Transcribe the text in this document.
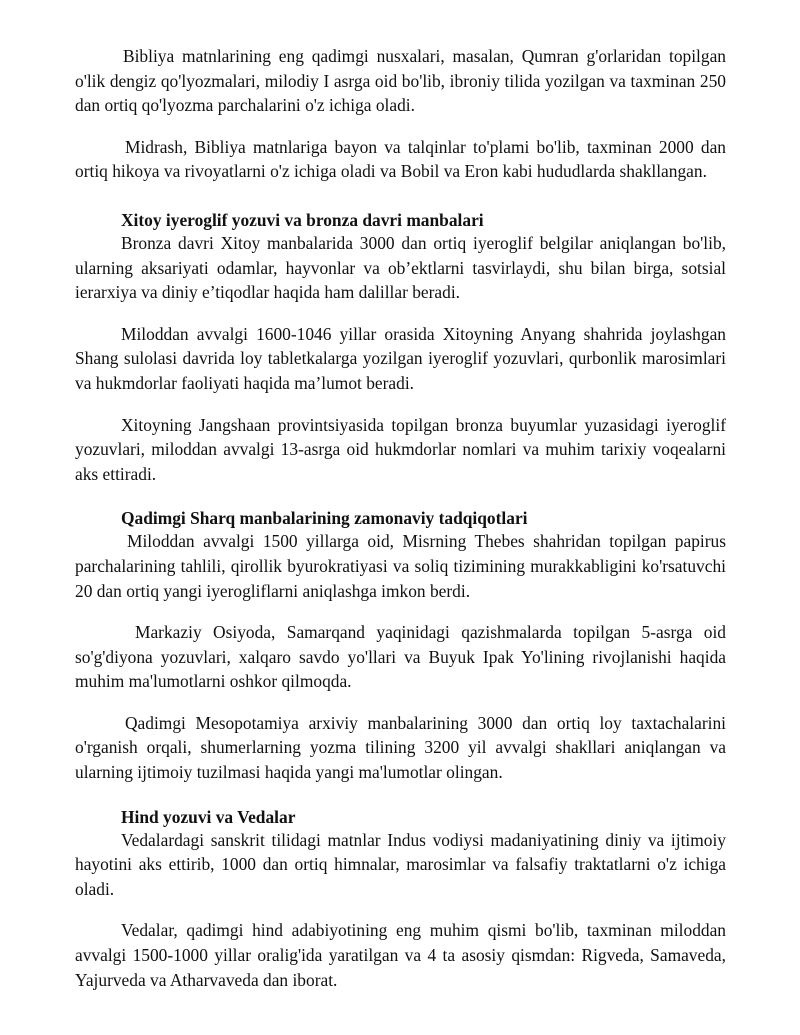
Bibliya matnlarining eng qadimgi nusxalari, masalan, Qumran g'orlaridan topilgan o'lik dengiz qo'lyozmalari, milodiy I asrga oid bo'lib, ibroniy tilida yozilgan va taxminan 250 dan ortiq qo'lyozma parchalarini o'z ichiga oladi.

Midrash, Bibliya matnlariga bayon va talqinlar to'plami bo'lib, taxminan 2000 dan ortiq hikoya va rivoyatlarni o'z ichiga oladi va Bobil va Eron kabi hududlarda shakllangan.

Xitoy iyeroglif yozuvi va bronza davri manbalari

Bronza davri Xitoy manbalarida 3000 dan ortiq iyeroglif belgilar aniqlangan bo'lib, ularning aksariyati odamlar, hayvonlar va ob’ektlarni tasvirlaydi, shu bilan birga, sotsial ierarxiya va diniy e’tiqodlar haqida ham dalillar beradi.

Miloddan avvalgi 1600-1046 yillar orasida Xitoyning Anyang shahrida joylashgan Shang sulolasi davrida loy tabletkalarga yozilgan iyeroglif yozuvlari, qurbonlik marosimlari va hukmdorlar faoliyati haqida ma’lumot beradi.

Xitoyning Jangshaan provintsiyasida topilgan bronza buyumlar yuzasidagi iyeroglif yozuvlari, miloddan avvalgi 13-asrga oid hukmdorlar nomlari va muhim tarixiy voqealarni aks ettiradi.

Qadimgi Sharq manbalarining zamonaviy tadqiqotlari

Miloddan avvalgi 1500 yillarga oid, Misrning Thebes shahridan topilgan papirus parchalarining tahlili, qirollik byurokratiyasi va soliq tizimining murakkabligini ko'rsatuvchi 20 dan ortiq yangi iyerogliflarni aniqlashga imkon berdi.

Markaziy Osiyoda, Samarqand yaqinidagi qazishmalarda topilgan 5-asrga oid so'g'diyona yozuvlari, xalqaro savdo yo'llari va Buyuk Ipak Yo'lining rivojlanishi haqida muhim ma'lumotlarni oshkor qilmoqda.

Qadimgi Mesopotamiya arxiviy manbalarining 3000 dan ortiq loy taxtachalarini o'rganish orqali, shumerlarning yozma tilining 3200 yil avvalgi shakllari aniqlangan va ularning ijtimoiy tuzilmasi haqida yangi ma'lumotlar olingan.

Hind yozuvi va Vedalar

Vedalardagi sanskrit tilidagi matnlar Indus vodiysi madaniyatining diniy va ijtimoiy hayotini aks ettirib, 1000 dan ortiq himnalar, marosimlar va falsafiy traktatlarni o'z ichiga oladi.

Vedalar, qadimgi hind adabiyotining eng muhim qismi bo'lib, taxminan miloddan avvalgi 1500-1000 yillar oralig'ida yaratilgan va 4 ta asosiy qismdan: Rigveda, Samaveda, Yajurveda va Atharvaveda dan iborat.
